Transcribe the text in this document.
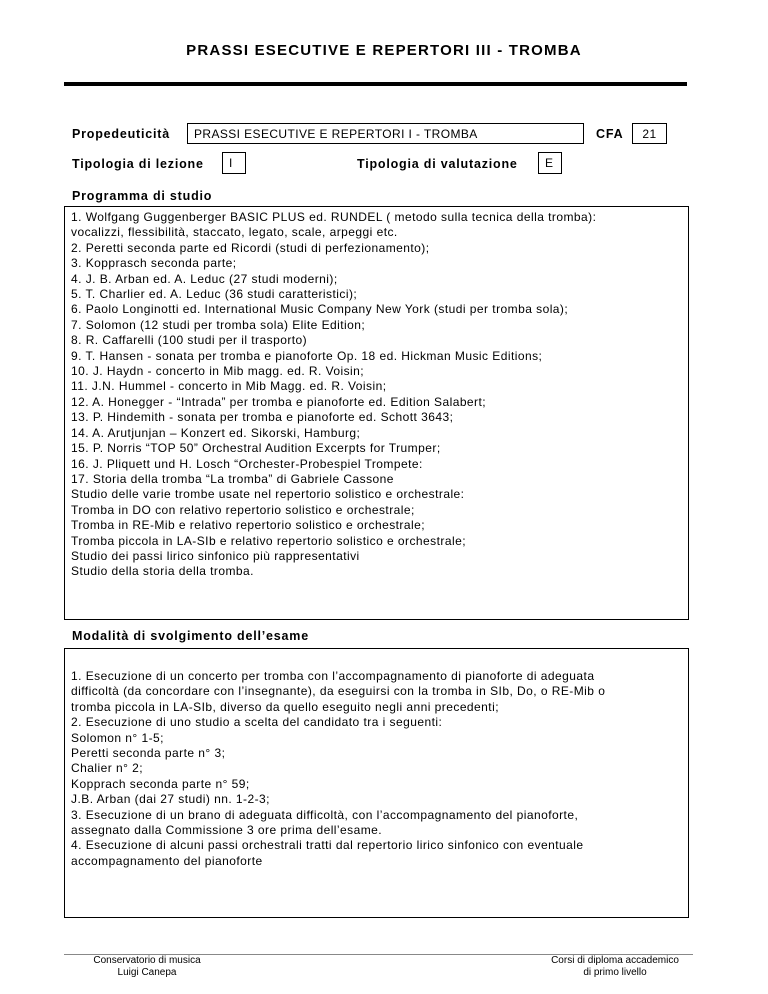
PRASSI ESECUTIVE E REPERTORI III - TROMBA
Propedeuticità	PRASSI ESECUTIVE E REPERTORI I - TROMBA	CFA	21
Tipologia di lezione	I	Tipologia di valutazione	E
Programma di studio
1. Wolfgang Guggenberger BASIC PLUS ed. RUNDEL ( metodo sulla tecnica della tromba):
vocalizzi, flessibilità, staccato, legato, scale, arpeggi etc.
2. Peretti seconda parte ed Ricordi (studi di perfezionamento);
3. Kopprasch seconda parte;
4. J. B. Arban ed. A. Leduc (27 studi moderni);
5. T. Charlier ed. A. Leduc (36 studi caratteristici);
6. Paolo Longinotti ed. International Music Company New York (studi per tromba sola);
7. Solomon (12 studi per tromba sola) Elite Edition;
8. R. Caffarelli (100 studi per il trasporto)
9. T. Hansen - sonata per tromba e pianoforte Op. 18 ed. Hickman Music Editions;
10. J. Haydn - concerto in Mib magg. ed. R. Voisin;
11. J.N. Hummel - concerto in Mib Magg. ed. R. Voisin;
12. A. Honegger - “Intrada” per tromba e pianoforte ed. Edition Salabert;
13. P. Hindemith - sonata per tromba e pianoforte ed. Schott 3643;
14. A. Arutjunjan – Konzert ed. Sikorski, Hamburg;
15. P. Norris “TOP 50” Orchestral Audition Excerpts for Trumper;
16. J. Pliquett und H. Losch “Orchester-Probespiel Trompete:
17. Storia della tromba “La tromba” di Gabriele Cassone
Studio delle varie trombe usate nel repertorio solistico e orchestrale:
Tromba in DO con relativo repertorio solistico e orchestrale;
Tromba in RE-Mib e relativo repertorio solistico e orchestrale;
Tromba piccola in LA-SIb e relativo repertorio solistico e orchestrale;
Studio dei passi lirico sinfonico più rappresentativi
Studio della storia della tromba.
Modalità di svolgimento dell’esame
1. Esecuzione di un concerto per tromba con l’accompagnamento di pianoforte di adeguata
difficoltà (da concordare con l’insegnante), da eseguirsi con la tromba in SIb, Do, o RE-Mib o
tromba piccola in LA-SIb, diverso da quello eseguito negli anni precedenti;
2. Esecuzione di uno studio a scelta del candidato tra i seguenti:
Solomon n° 1-5;
Peretti seconda parte n° 3;
Chalier n° 2;
Kopprach seconda parte n° 59;
J.B. Arban (dai 27 studi) nn. 1-2-3;
3. Esecuzione di un brano di adeguata difficoltà, con l’accompagnamento del pianoforte,
assegnato dalla Commissione 3 ore prima dell’esame.
4. Esecuzione di alcuni passi orchestrali tratti dal repertorio lirico sinfonico con eventuale
accompagnamento del pianoforte
Conservatorio di musica
Luigi Canepa
Corsi di diploma accademico
di primo livello
